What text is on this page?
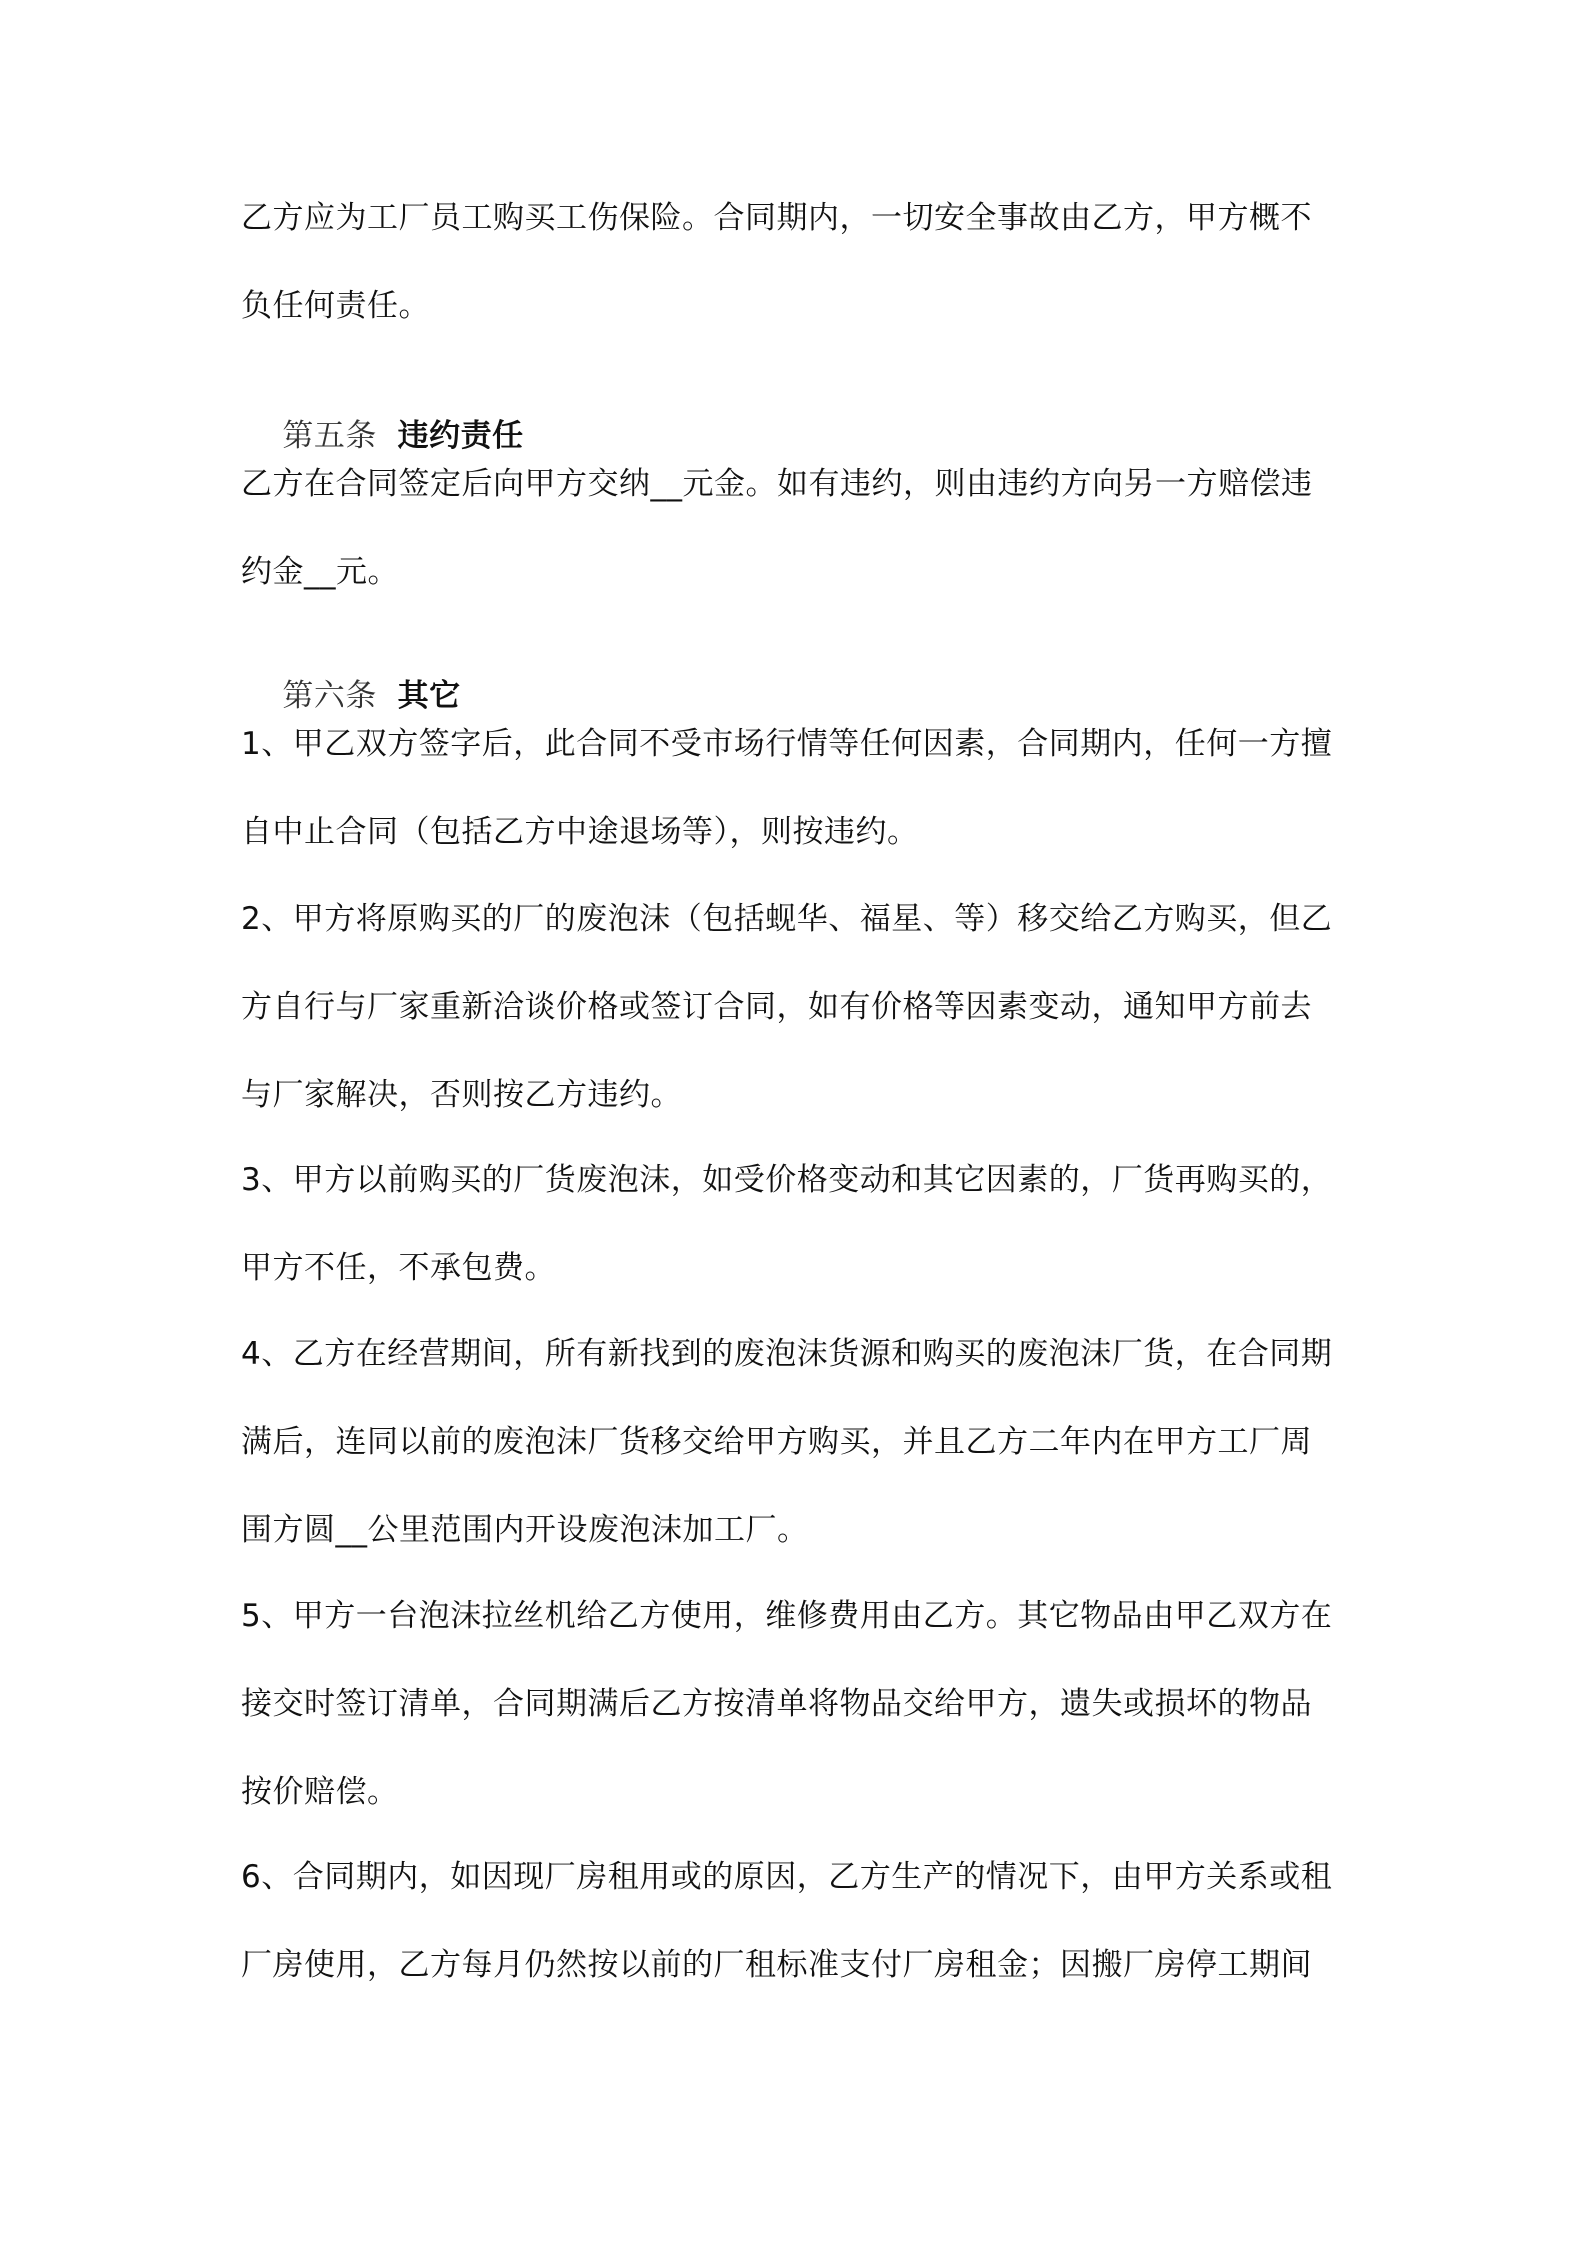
乙方应为工厂员工购买工伤保险。合同期内，一切安全事故由乙方，甲方概不
负任何责任。

第五条 违约责任

乙方在合同签定后向甲方交纳__元金。如有违约，则由违约方向另一方赔偿违
约金__元。

第六条 其它

1、甲乙双方签字后，此合同不受市场行情等任何因素，合同期内，任何一方擅
自中止合同（包括乙方中途退场等），则按违约。

2、甲方将原购买的厂的废泡沫（包括蚬华、福星、等）移交给乙方购买，但乙
方自行与厂家重新洽谈价格或签订合同，如有价格等因素变动，通知甲方前去
与厂家解决，否则按乙方违约。

3、甲方以前购买的厂货废泡沫，如受价格变动和其它因素的，厂货再购买的，
甲方不任，不承包费。

4、乙方在经营期间，所有新找到的废泡沫货源和购买的废泡沫厂货，在合同期
满后，连同以前的废泡沫厂货移交给甲方购买，并且乙方二年内在甲方工厂周
围方圆__公里范围内开设废泡沫加工厂。

5、甲方一台泡沫拉丝机给乙方使用，维修费用由乙方。其它物品由甲乙双方在
接交时签订清单，合同期满后乙方按清单将物品交给甲方，遗失或损坏的物品
按价赔偿。

6、合同期内，如因现厂房租用或的原因，乙方生产的情况下，由甲方关系或租
厂房使用，乙方每月仍然按以前的厂租标准支付厂房租金；因搬厂房停工期间
